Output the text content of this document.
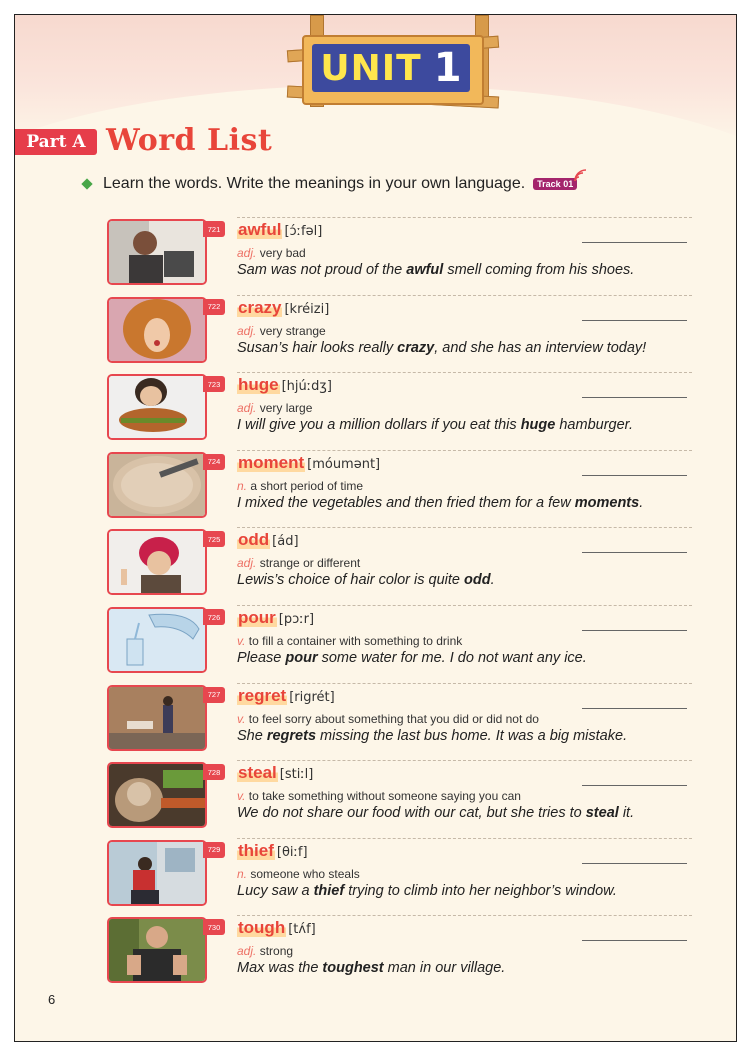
UNIT 1
Part A Word List
Learn the words. Write the meanings in your own language.	Track 01
721 awful [ɔ́ːfəl]
adj. very bad
Sam was not proud of the awful smell coming from his shoes.
722 crazy [kréizi]
adj. very strange
Susan’s hair looks really crazy, and she has an interview today!
723 huge [hjúːdʒ]
adj. very large
I will give you a million dollars if you eat this huge hamburger.
724 moment [móumənt]
n. a short period of time
I mixed the vegetables and then fried them for a few moments.
725 odd [ád]
adj. strange or different
Lewis’s choice of hair color is quite odd.
726 pour [pɔːr]
v. to fill a container with something to drink
Please pour some water for me. I do not want any ice.
727 regret [rigrét]
v. to feel sorry about something that you did or did not do
She regrets missing the last bus home. It was a big mistake.
728 steal [stiːl]
v. to take something without someone saying you can
We do not share our food with our cat, but she tries to steal it.
729 thief [θiːf]
n. someone who steals
Lucy saw a thief trying to climb into her neighbor’s window.
730 tough [tʌ́f]
adj. strong
Max was the toughest man in our village.
6
